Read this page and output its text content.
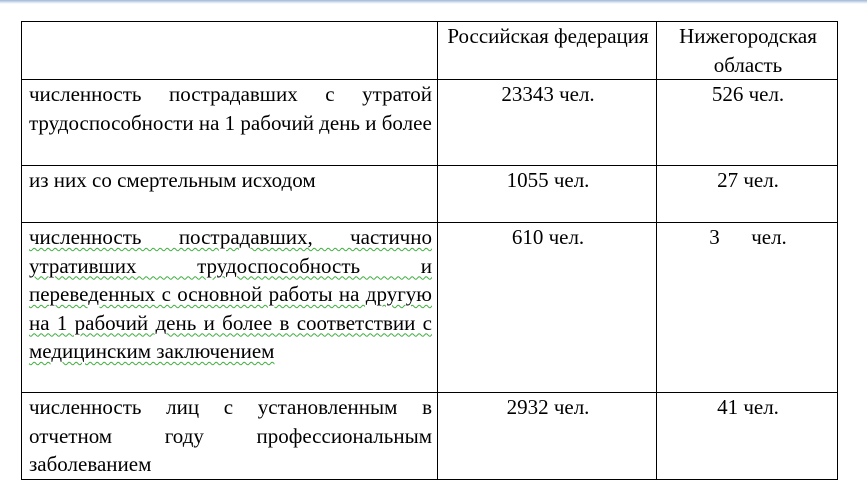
	Российская федерация	Нижегородская область
численность пострадавших с утратой трудоспособности на 1 рабочий день и более	23343 чел.	526 чел.
из них со смертельным исходом	1055 чел.	27 чел.
численность пострадавших, частично утративших трудоспособность и переведенных с основной работы на другую на 1 рабочий день и более в соответствии с медицинским заключением	610 чел.	3      чел.
численность лиц с установленным в отчетном году профессиональным заболеванием	2932 чел.	41 чел.
